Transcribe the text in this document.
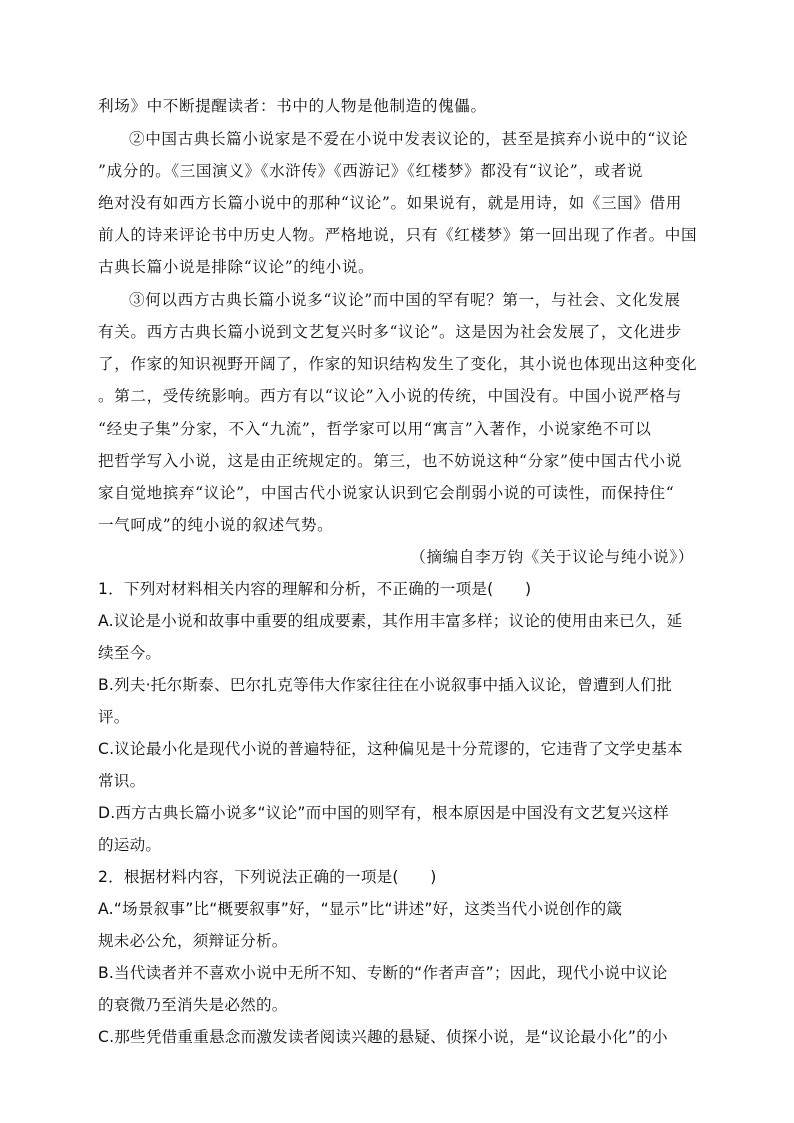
利场》中不断提醒读者：书中的人物是他制造的傀儡。
②中国古典长篇小说家是不爱在小说中发表议论的，甚至是摈弃小说中的“议论
”成分的。《三国演义》《水浒传》《西游记》《红楼梦》都没有“议论”，或者说
绝对没有如西方长篇小说中的那种“议论”。如果说有，就是用诗，如《三国》借用
前人的诗来评论书中历史人物。严格地说，只有《红楼梦》第一回出现了作者。中国
古典长篇小说是排除“议论”的纯小说。
③何以西方古典长篇小说多“议论”而中国的罕有呢？第一，与社会、文化发展
有关。西方古典长篇小说到文艺复兴时多“议论”。这是因为社会发展了，文化进步
了，作家的知识视野开阔了，作家的知识结构发生了变化，其小说也体现出这种变化
。第二，受传统影响。西方有以“议论”入小说的传统，中国没有。中国小说严格与
“经史子集”分家，不入“九流”，哲学家可以用“寓言”入著作，小说家绝不可以
把哲学写入小说，这是由正统规定的。第三，也不妨说这种“分家”使中国古代小说
家自觉地摈弃“议论”，中国古代小说家认识到它会削弱小说的可读性，而保持住“
一气呵成”的纯小说的叙述气势。
（摘编自李万钧《关于议论与纯小说》）
1．下列对材料相关内容的理解和分析，不正确的一项是(　　)
A.议论是小说和故事中重要的组成要素，其作用丰富多样；议论的使用由来已久，延
续至今。
B.列夫·托尔斯泰、巴尔扎克等伟大作家往往在小说叙事中插入议论，曾遭到人们批
评。
C.议论最小化是现代小说的普遍特征，这种偏见是十分荒谬的，它违背了文学史基本
常识。
D.西方古典长篇小说多“议论”而中国的则罕有，根本原因是中国没有文艺复兴这样
的运动。
2．根据材料内容，下列说法正确的一项是(　　)
A.“场景叙事”比“概要叙事”好，“显示”比“讲述”好，这类当代小说创作的箴
规未必公允，须辩证分析。
B.当代读者并不喜欢小说中无所不知、专断的“作者声音”；因此，现代小说中议论
的衰微乃至消失是必然的。
C.那些凭借重重悬念而激发读者阅读兴趣的悬疑、侦探小说，是“议论最小化”的小
